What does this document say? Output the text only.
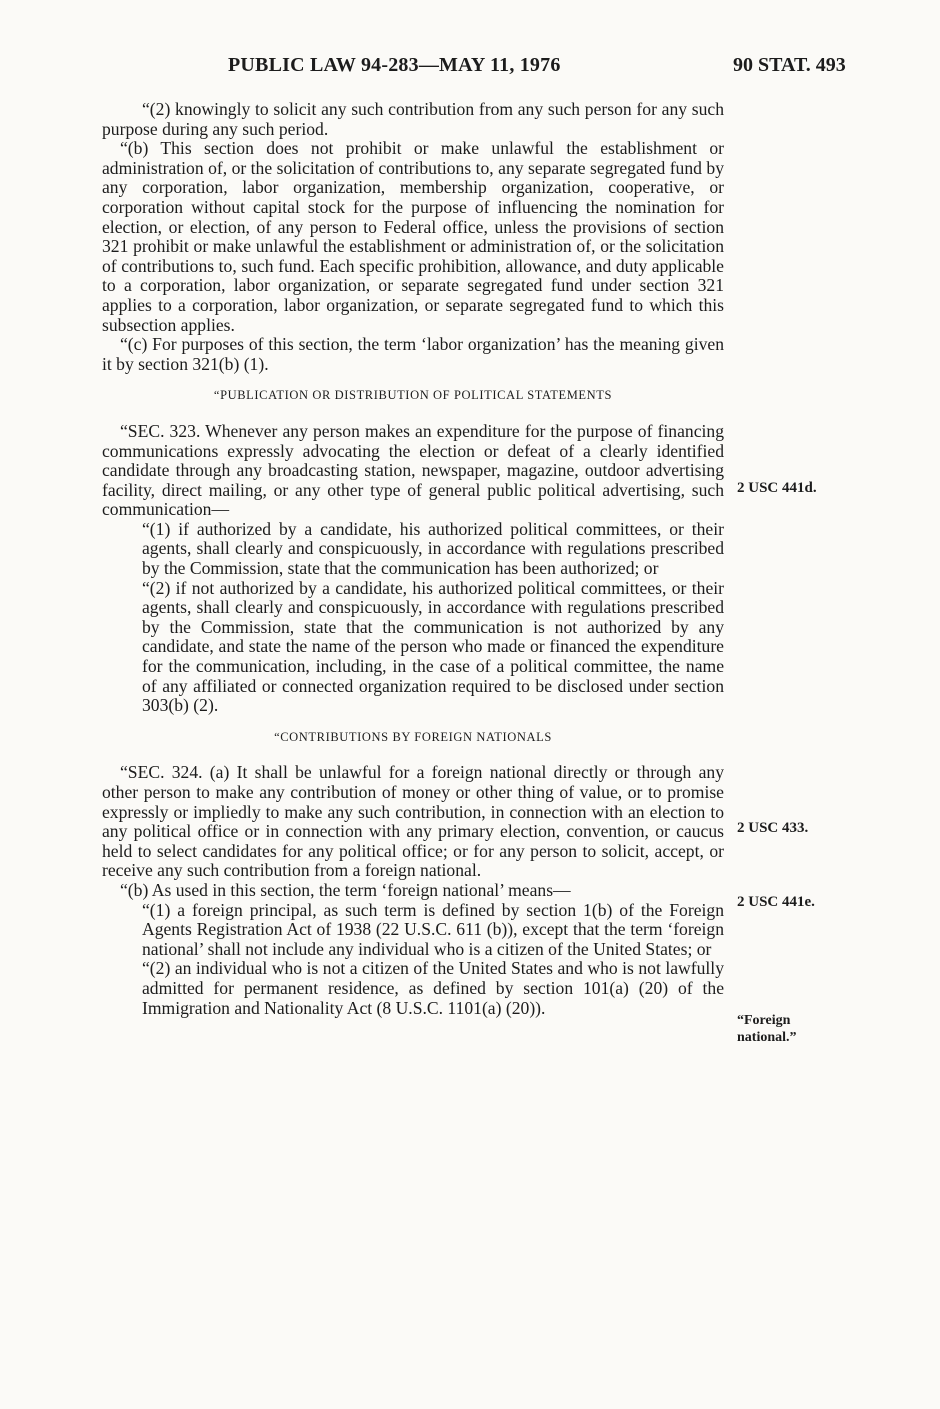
PUBLIC LAW 94-283—MAY 11, 1976	90 STAT. 493

“(2) knowingly to solicit any such contribution from any such person for any such purpose during any such period.

“(b) This section does not prohibit or make unlawful the establishment or administration of, or the solicitation of contributions to, any separate segregated fund by any corporation, labor organization, membership organization, cooperative, or corporation without capital stock for the purpose of influencing the nomination for election, or election, of any person to Federal office, unless the provisions of section 321 prohibit or make unlawful the establishment or administration of, or the solicitation of contributions to, such fund. Each specific prohibition, allowance, and duty applicable to a corporation, labor organization, or separate segregated fund under section 321 applies to a corporation, labor organization, or separate segregated fund to which this subsection applies.

“(c) For purposes of this section, the term ‘labor organization’ has the meaning given it by section 321(b) (1).

“PUBLICATION OR DISTRIBUTION OF POLITICAL STATEMENTS

“SEC. 323. Whenever any person makes an expenditure for the purpose of financing communications expressly advocating the election or defeat of a clearly identified candidate through any broadcasting station, newspaper, magazine, outdoor advertising facility, direct mailing, or any other type of general public political advertising, such communication—

“(1) if authorized by a candidate, his authorized political committees, or their agents, shall clearly and conspicuously, in accordance with regulations prescribed by the Commission, state that the communication has been authorized; or

“(2) if not authorized by a candidate, his authorized political committees, or their agents, shall clearly and conspicuously, in accordance with regulations prescribed by the Commission, state that the communication is not authorized by any candidate, and state the name of the person who made or financed the expenditure for the communication, including, in the case of a political committee, the name of any affiliated or connected organization required to be disclosed under section 303(b) (2).

“CONTRIBUTIONS BY FOREIGN NATIONALS

“SEC. 324. (a) It shall be unlawful for a foreign national directly or through any other person to make any contribution of money or other thing of value, or to promise expressly or impliedly to make any such contribution, in connection with an election to any political office or in connection with any primary election, convention, or caucus held to select candidates for any political office; or for any person to solicit, accept, or receive any such contribution from a foreign national.

“(b) As used in this section, the term ‘foreign national’ means—

“(1) a foreign principal, as such term is defined by section 1(b) of the Foreign Agents Registration Act of 1938 (22 U.S.C. 611 (b)), except that the term ‘foreign national’ shall not include any individual who is a citizen of the United States; or

“(2) an individual who is not a citizen of the United States and who is not lawfully admitted for permanent residence, as defined by section 101(a) (20) of the Immigration and Nationality Act (8 U.S.C. 1101(a) (20)).

2 USC 441d.
2 USC 433.
2 USC 441e.
“Foreign national.”
